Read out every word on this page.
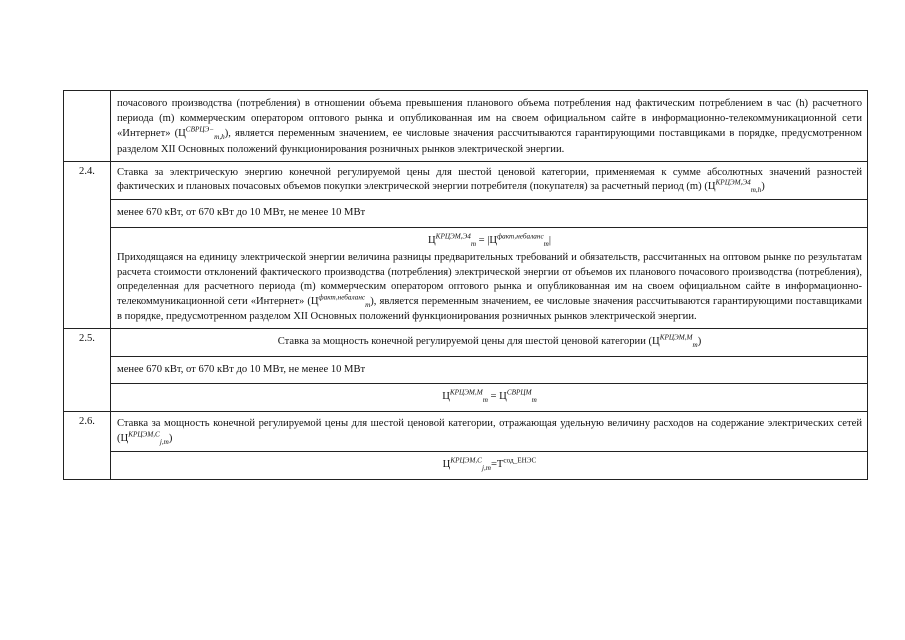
	почасового производства (потребления) в отношении объема превышения планового объема потребления над фактическим потреблением в час (h) расчетного периода (m) коммерческим оператором оптового рынка и опубликованная им на своем официальном сайте в информационно-телекоммуникационной сети «Интернет» $(Ц^{СВРЦЭ-}_{m,h})$, является переменным значением, ее числовые значения рассчитываются гарантирующими поставщиками в порядке, предусмотренном разделом XII Основных положений функционирования розничных рынков электрической энергии.
2.4.	Ставка за электрическую энергию конечной регулируемой цены для шестой ценовой категории, применяемая к сумме абсолютных значений разностей фактических и плановых почасовых объемов покупки электрической энергии потребителя (покупателя) за расчетный период (m) $(Ц^{КРЦЭМ,Э4}_{m,h})$
	менее 670 кВт, от 670 кВт до 10 МВт, не менее 10 МВт

	$Ц^{КРЦЭМ,Э4}_m = |Ц^{факт,небаланс}_m|$
Приходящаяся на единицу электрической энергии величина разницы предварительных требований и обязательств, рассчитанных на оптовом рынке по результатам расчета стоимости отклонений фактического производства (потребления) электрической энергии от объемов их планового почасового производства (потребления), определенная для расчетного периода (m) коммерческим оператором оптового рынка и опубликованная им на своем официальном сайте в информационно-телекоммуникационной сети «Интернет» $(Ц^{факт,небаланс}_m)$, является переменным значением, ее числовые значения рассчитываются гарантирующими поставщиками в порядке, предусмотренном разделом XII Основных положений функционирования розничных рынков электрической энергии.

2.5.	Ставка за мощность конечной регулируемой цены для шестой ценовой категории $(Ц^{КРЦЭМ,М}_m)$
	менее 670 кВт, от 670 кВт до 10 МВт, не менее 10 МВт
	$Ц^{КРЦЭМ,М}_m = Ц^{СВРЦМ}_m$
2.6.	Ставка за мощность конечной регулируемой цены для шестой ценовой категории, отражающая удельную величину расходов на содержание электрических сетей $(Ц^{КРЦЭМ,С}_{j,m})$
	$Ц^{КРЦЭМ,С}_{j,m}=T^{сод\_ЕНЭС}$
